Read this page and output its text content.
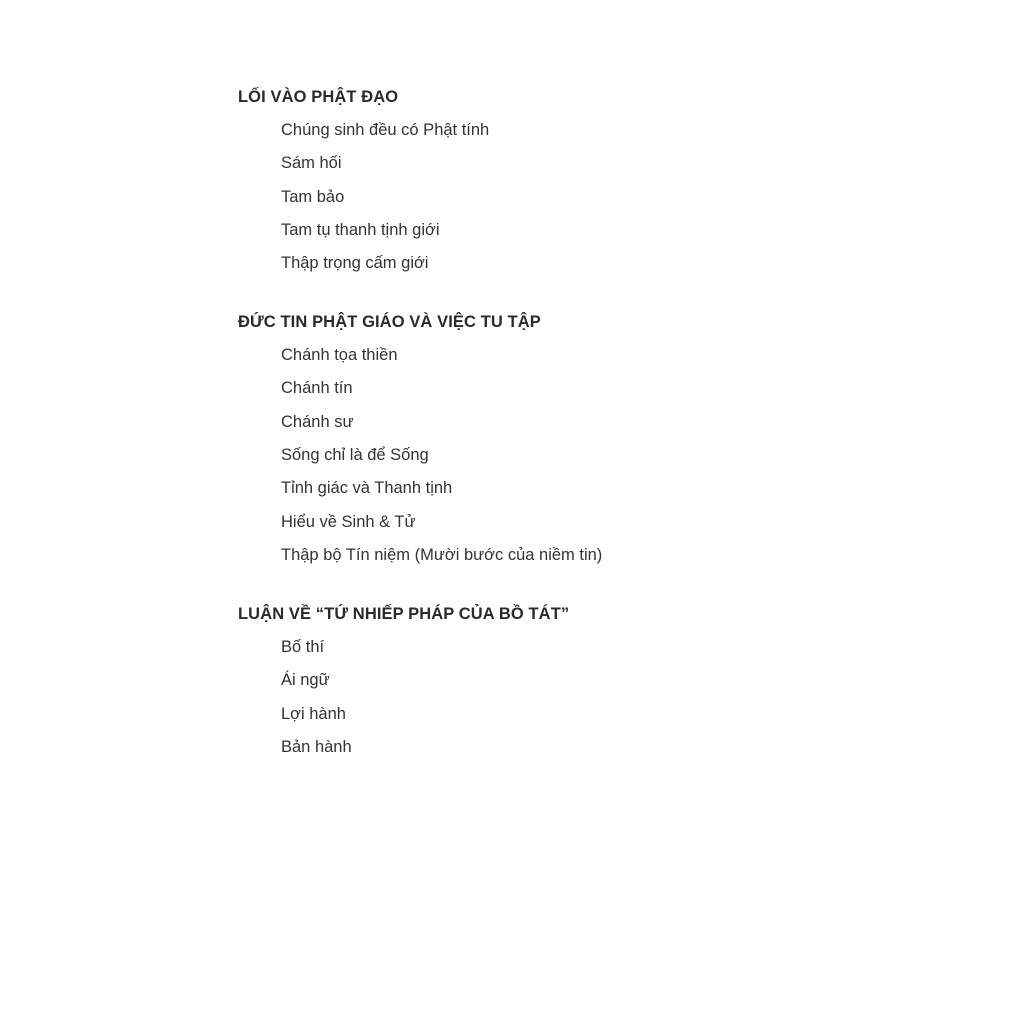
LỐI VÀO PHẬT ĐẠO
Chúng sinh đều có Phật tính
Sám hối
Tam bảo
Tam tụ thanh tịnh giới
Thập trọng cấm giới
ĐỨC TIN PHẬT GIÁO VÀ VIỆC TU TẬP
Chánh tọa thiền
Chánh tín
Chánh sư
Sống chỉ là để Sống
Tỉnh giác và Thanh tịnh
Hiểu về Sinh & Tử
Thập bộ Tín niệm (Mười bước của niềm tin)
LUẬN VỀ “TỨ NHIẾP PHÁP CỦA BỒ TÁT”
Bố thí
Ái ngữ
Lợi hành
Bản hành
